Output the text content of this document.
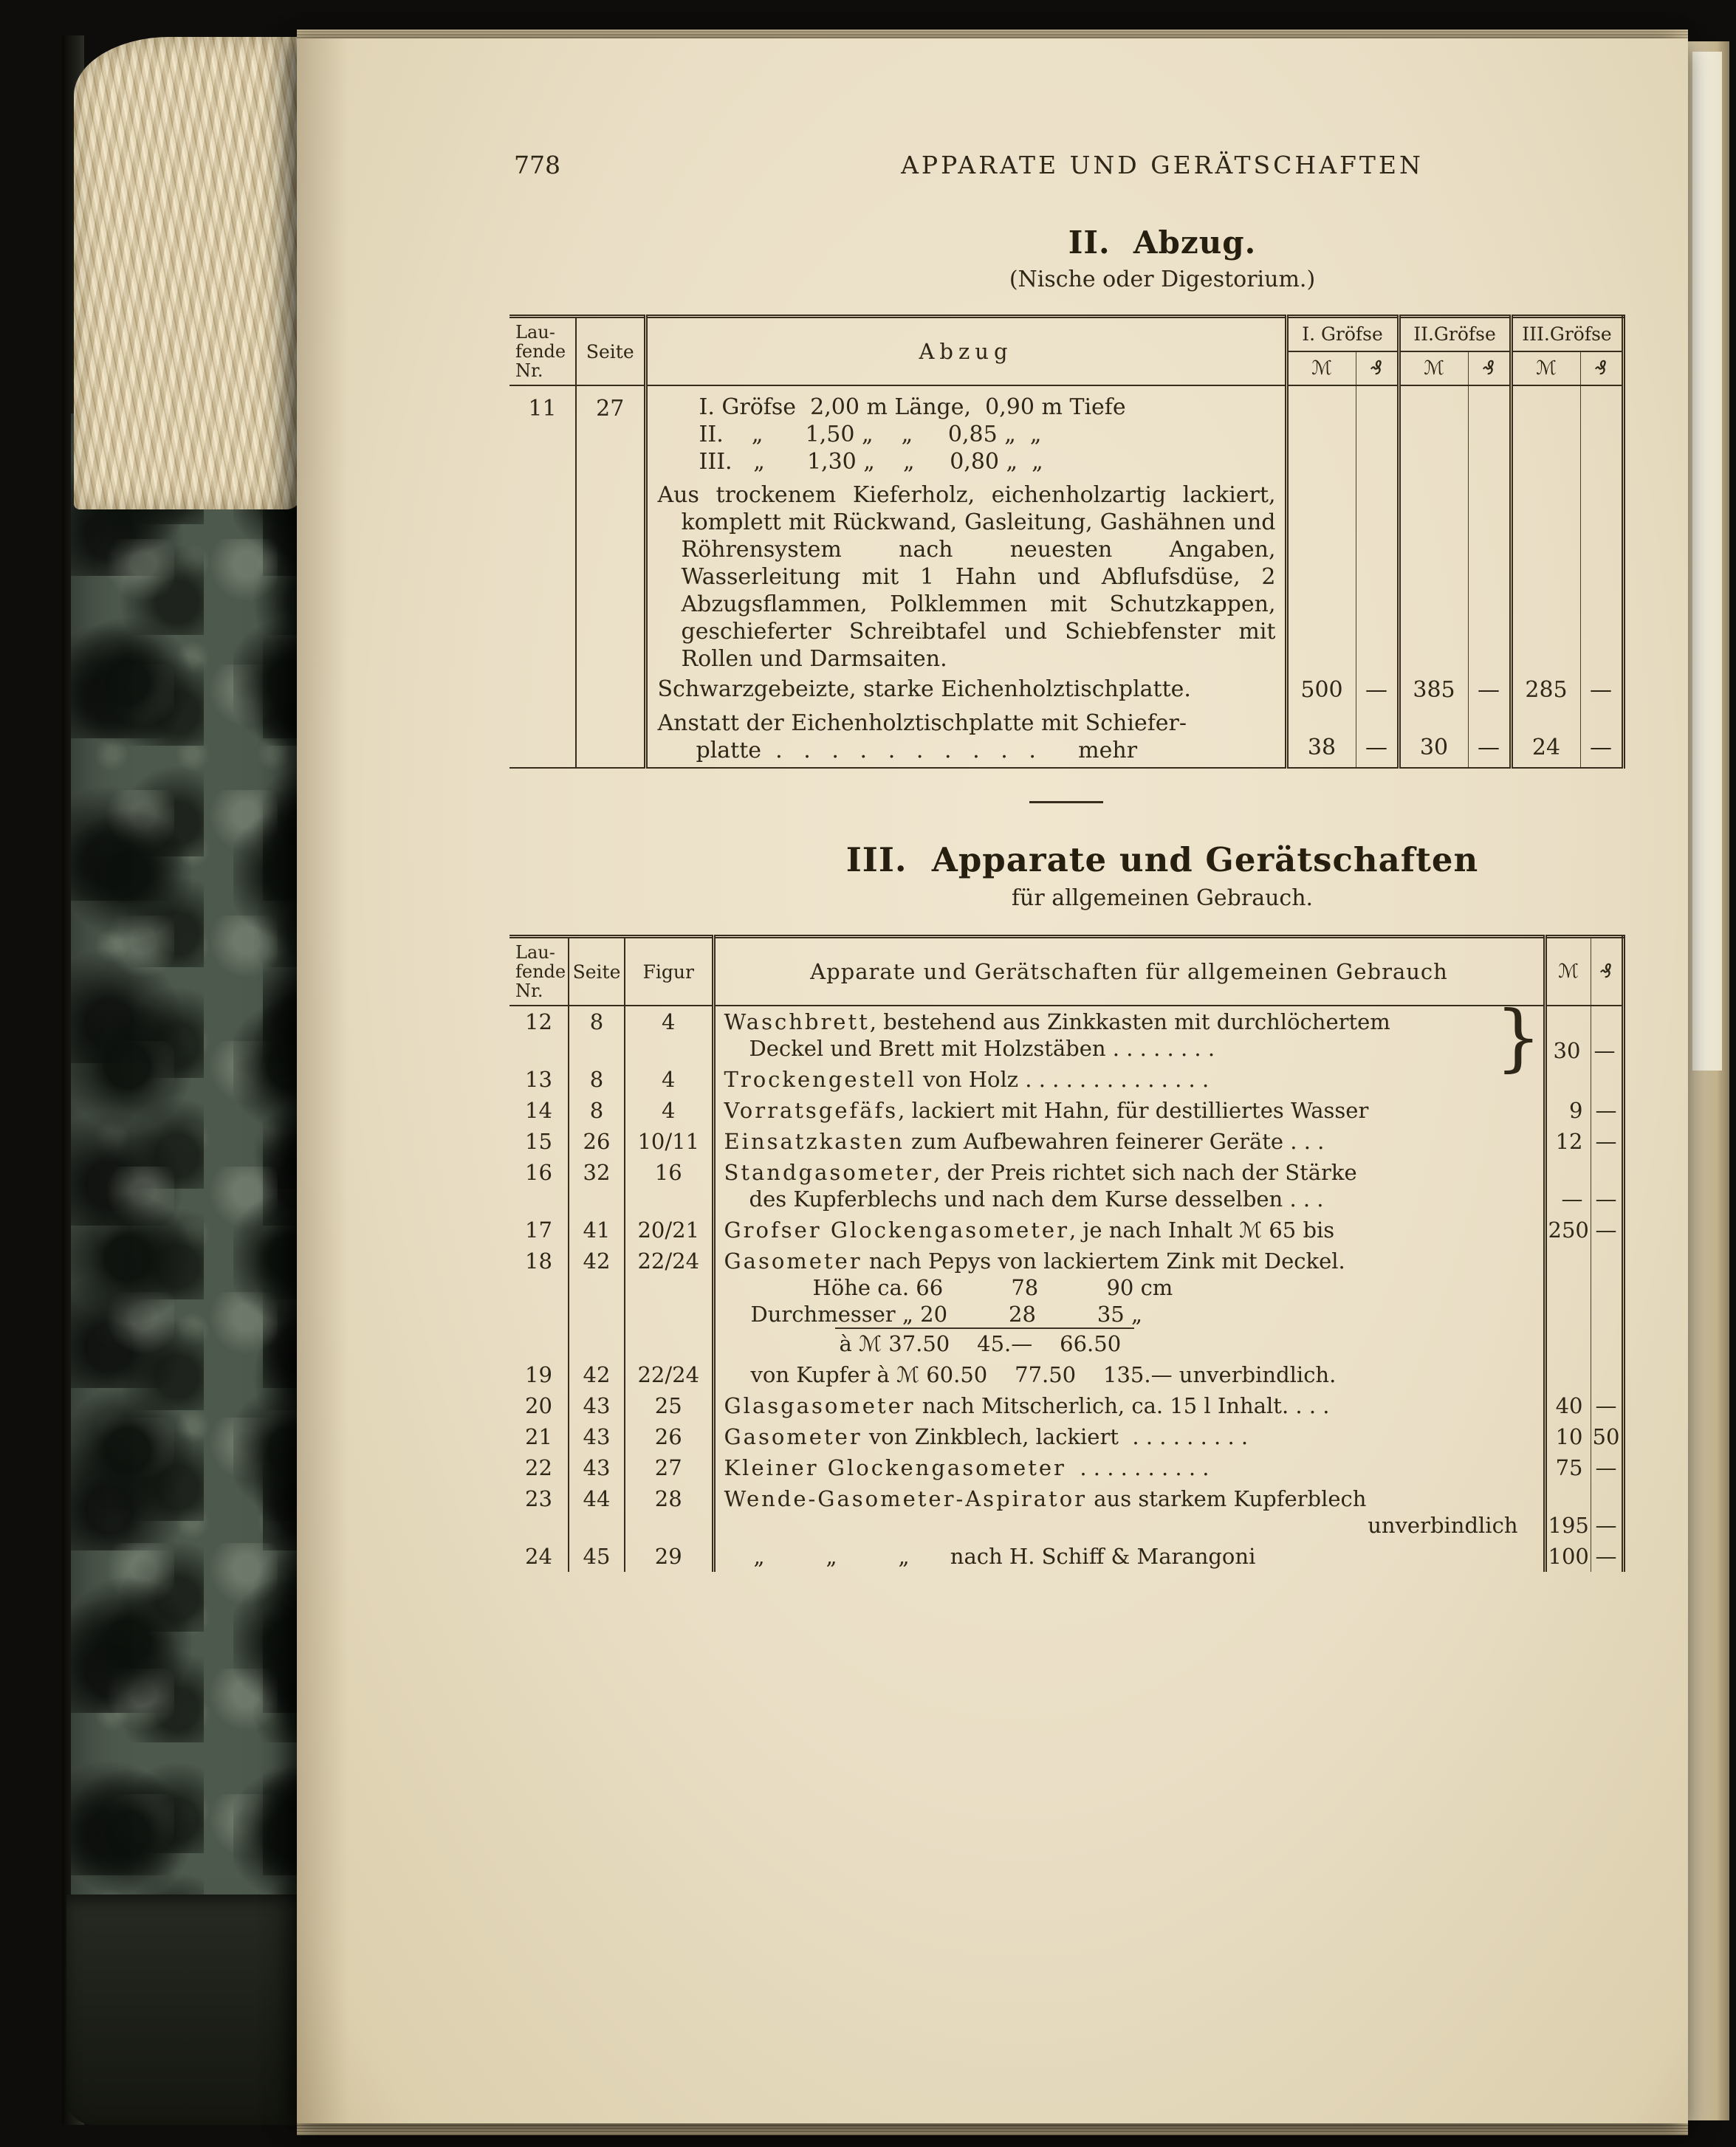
778	APPARATE UND GERÄTSCHAFTEN
II.  Abzug.
(Nische oder Digestorium.)
Lau-
fende
Nr.	Seite	Abzug	I. Gröfse		II.Gröfse		III.Gröfse	
			ℳ	₰	ℳ	₰	ℳ	₰
11	27	I. Gröfse  2,00 m Länge,  0,90 m Tiefe
II.    „      1,50 „    „     0,85 „  „
III.   „      1,30 „    „     0,80 „  „
Aus trockenem Kieferholz, eichenholzartig lackiert, komplett mit Rückwand, Gasleitung, Gashähnen und Röhrensystem nach neuesten Angaben, Wasserleitung mit 1 Hahn und Abflufsdüse, 2 Abzugsflammen, Polklemmen mit Schutzkappen, geschieferter Schreibtafel und Schiebfenster mit Rollen und Darmsaiten.						

		Schwarzgebeizte, starke Eichenholztischplatte.	500	—	385	—	285	—

		Anstatt der Eichenholztischplatte mit Schiefer-
platte  .   .   .   .   .   .   .   .   .   .      mehr	38	—	30	—	24	—
III.  Apparate und Gerätschaften
für allgemeinen Gebrauch.
Lau-
fende
Nr.	Seite	Figur	Apparate und Gerätschaften für allgemeinen Gebrauch	ℳ	₰
12	8	4	Waschbrett, bestehend aus Zinkkasten mit durchlöchertem
Deckel und Brett mit Holzstäben . . . . . . . . }	30	—
13	8	4	Trockengestell von Holz . . . . . . . . . . . . . .		

14	8	4	Vorratsgefäfs, lackiert mit Hahn, für destilliertes Wasser	9	—
15	26	10/11	Einsatzkasten zum Aufbewahren feinerer Geräte . . .	12	—
16	32	16	Standgasometer, der Preis richtet sich nach der Stärke
des Kupferblechs und nach dem Kurse desselben . . .	—	—
17	41	20/21	Grofser Glockengasometer, je nach Inhalt ℳ 65 bis	250	—
18	42	22/24	Gasometer nach Pepys von lackiertem Zink mit Deckel.
Höhe ca. 66          78          90 cm
Durchmesser „ 20         28         35 „
à ℳ 37.50    45.—    66.50		

19	42	22/24	von Kupfer à ℳ 60.50    77.50    135.— unverbindlich.		

20	43	25	Glasgasometer nach Mitscherlich, ca. 15 l Inhalt. . . .	40	—
21	43	26	Gasometer von Zinkblech, lackiert  . . . . . . . . .	10	50
22	43	27	Kleiner Glockengasometer  . . . . . . . . . .	75	—
23	44	28	Wende-Gasometer-Aspirator aus starkem Kupferblech
unverbindlich	195	—
24	45	29	„         „         „      nach H. Schiff & Marangoni	100	—
